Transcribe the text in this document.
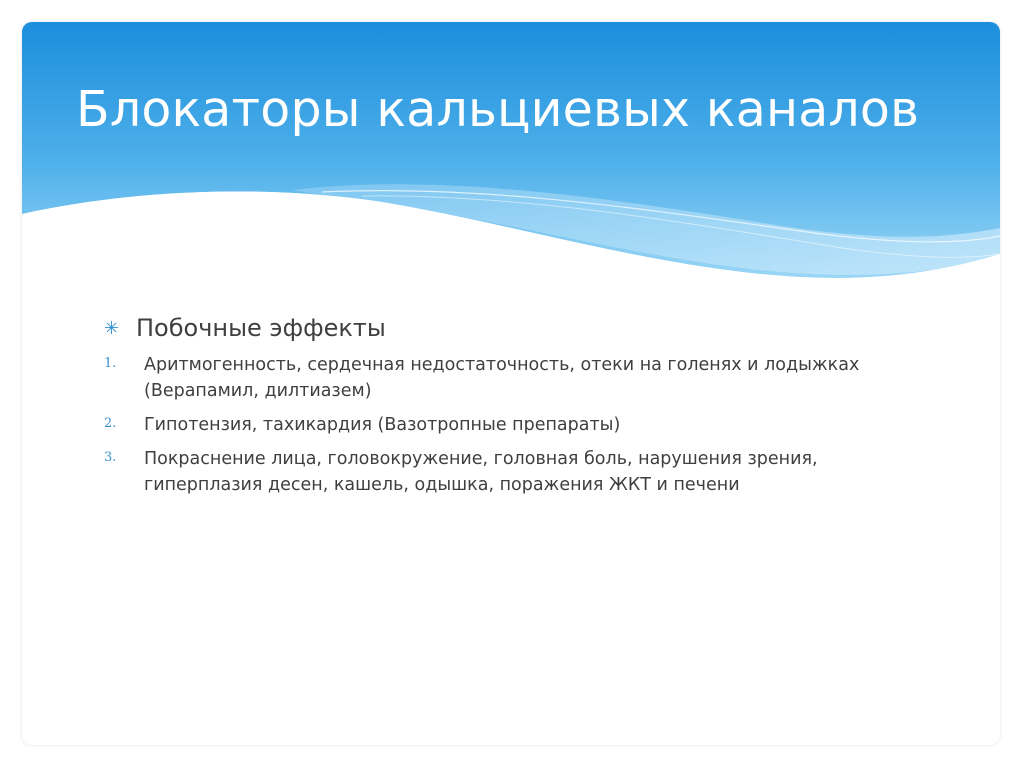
Блокаторы кальциевых каналов
✳ Побочные эффекты
1.	Аритмогенность, сердечная недостаточность, отеки на голенях и лодыжках
(Верапамил, дилтиазем)
2.	Гипотензия, тахикардия (Вазотропные препараты)
3.	Покраснение лица, головокружение, головная боль, нарушения зрения,
гиперплазия десен, кашель, одышка, поражения ЖКТ и печени
